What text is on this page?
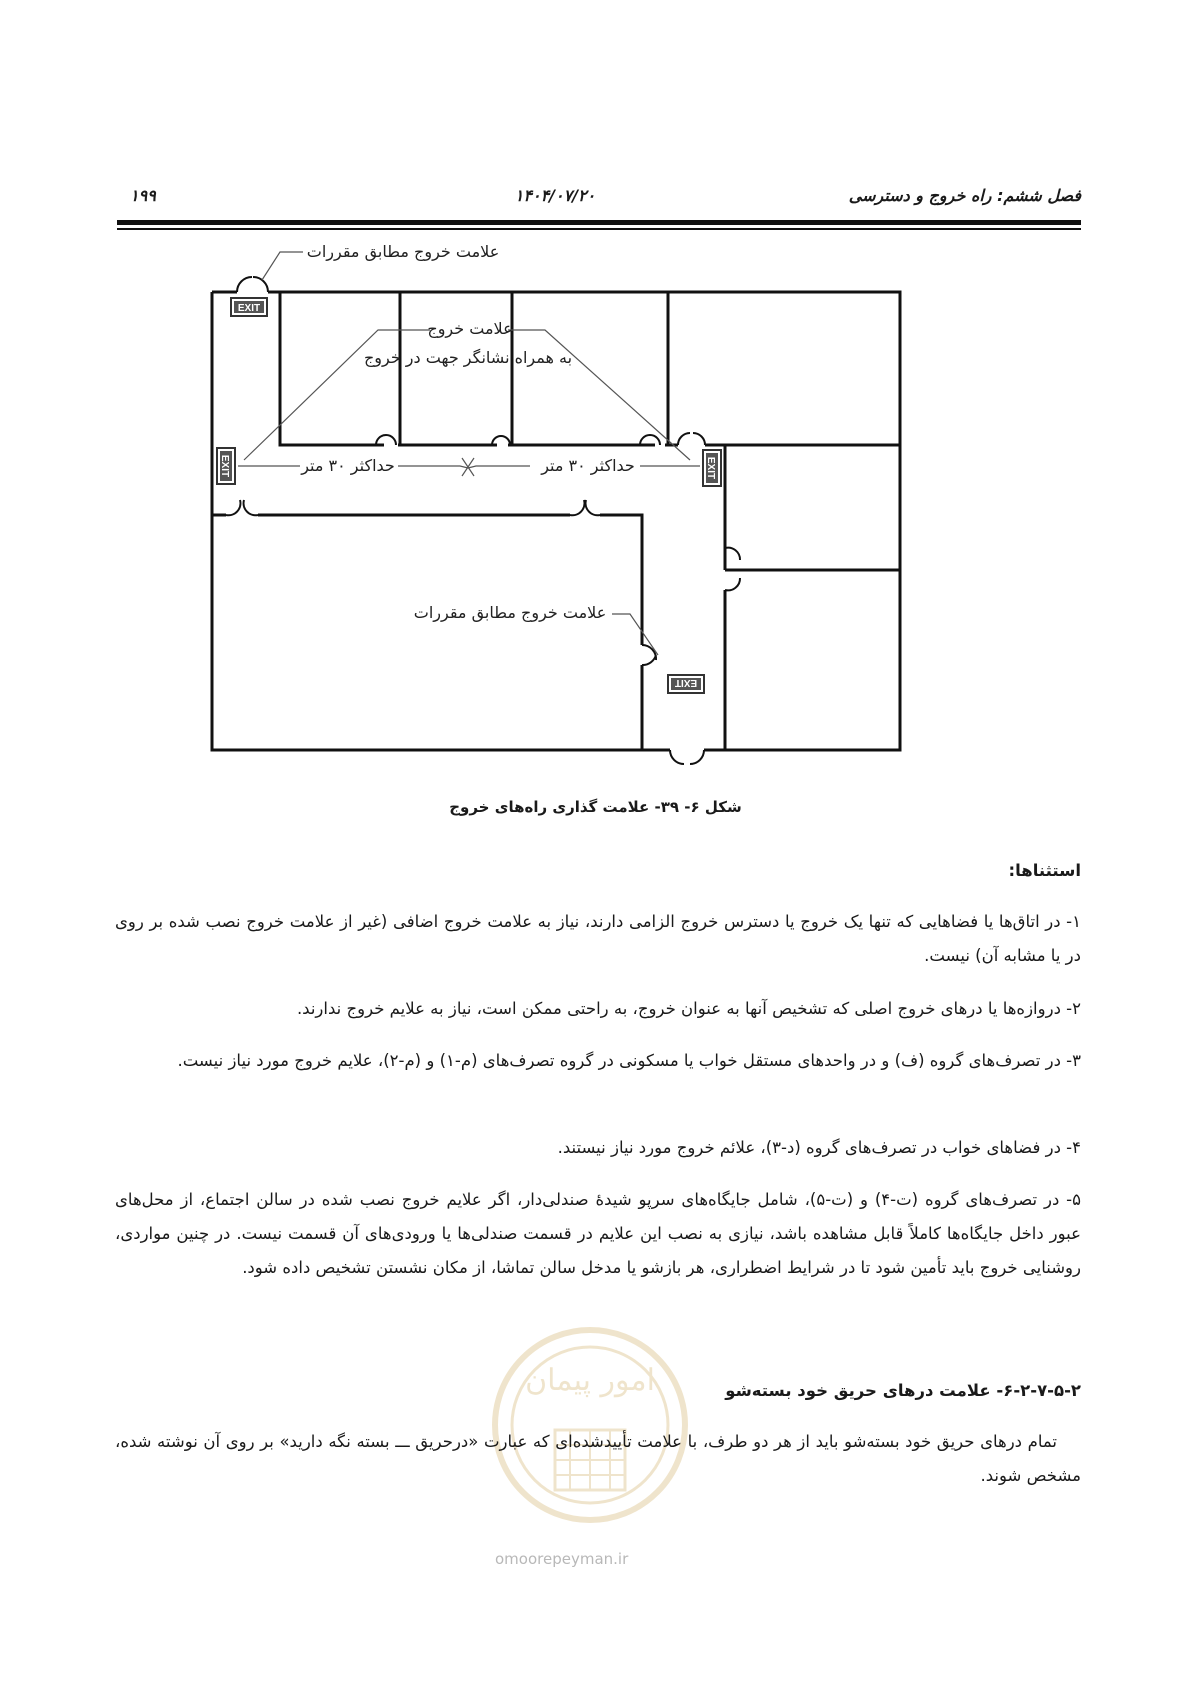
فصل ششم: راه خروج و دسترسی
۱۴۰۴/۰۷/۲۰
۱۹۹
EXIT
EXIT	EXIT
EXIT
علامت خروج مطابق مقررات
علامت خروج
به همراه نشانگر جهت در خروج
حداکثر ۳۰ متر	حداکثر ۳۰ متر
علامت خروج مطابق مقررات
شکل ۶- ۳۹- علامت گذاری راه‌های خروج
امور پیمان
omoorepeyman.ir
استثناها:
۱- در اتاق‌ها یا فضاهایی که تنها یک خروج یا دسترس خروج الزامی دارند، نیاز به علامت خروج اضافی (غیر از علامت خروج نصب شده بر روی در یا مشابه آن) نیست.
۲- دروازه‌ها یا درهای خروج اصلی که تشخیص آنها به عنوان خروج، به راحتی ممکن است، نیاز به علایم خروج ندارند.
۳- در تصرف‌های گروه (ف) و در واحدهای مستقل خواب یا مسکونی در گروه تصرف‌های (م-۱) و (م-۲)، علایم خروج مورد نیاز نیست.
۴- در فضاهای خواب در تصرف‌های گروه (د-۳)، علائم خروج مورد نیاز نیستند.
۵- در تصرف‌های گروه (ت-۴) و (ت-۵)، شامل جایگاه‌های سرپو شیدهٔ صندلی‌دار، اگر علایم خروج نصب شده در سالن اجتماع، از محل‌های عبور داخل جایگاه‌ها کاملاً قابل مشاهده باشد، نیازی به نصب این علایم در قسمت صندلی‌ها یا ورودی‌های آن قسمت نیست. در چنین مواردی، روشنایی خروج باید تأمین شود تا در شرایط اضطراری، هر بازشو یا مدخل سالن تماشا، از مکان نشستن تشخیص داده شود.
۶-۲-۷-۵-۲- علامت درهای حریق خود بسته‌شو
تمام درهای حریق خود بسته‌شو باید از هر دو طرف، با علامت تأییدشده‌ای که عبارت «درحریق ـــ بسته نگه دارید» بر روی آن نوشته شده، مشخص شوند.
